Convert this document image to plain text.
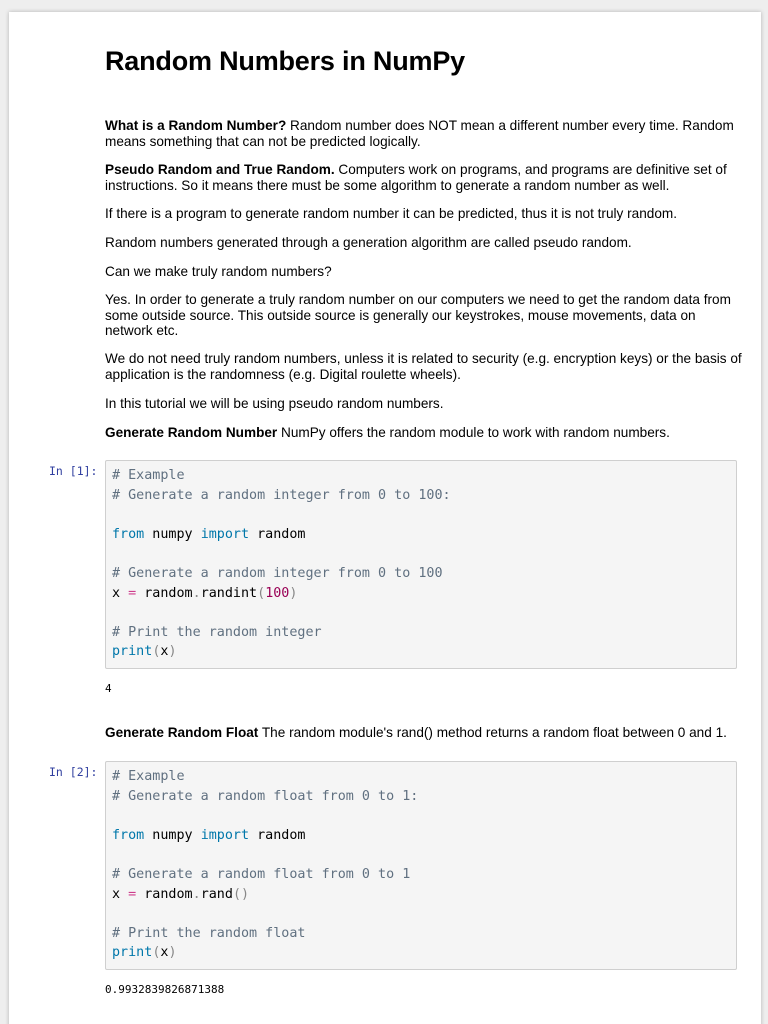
Random Numbers in NumPy

What is a Random Number? Random number does NOT mean a different number every time. Random means something that can not be predicted logically.

Pseudo Random and True Random. Computers work on programs, and programs are definitive set of instructions. So it means there must be some algorithm to generate a random number as well.

If there is a program to generate random number it can be predicted, thus it is not truly random.

Random numbers generated through a generation algorithm are called pseudo random.

Can we make truly random numbers?

Yes. In order to generate a truly random number on our computers we need to get the random data from some outside source. This outside source is generally our keystrokes, mouse movements, data on network etc.

We do not need truly random numbers, unless it is related to security (e.g. encryption keys) or the basis of application is the randomness (e.g. Digital roulette wheels).

In this tutorial we will be using pseudo random numbers.

Generate Random Number NumPy offers the random module to work with random numbers.

In [1]:	# Example
# Generate a random integer from 0 to 100:
from numpy import random
# Generate a random integer from 0 to 100
x = random.randint(100)
# Print the random integer
print(x)
4

Generate Random Float The random module's rand() method returns a random float between 0 and 1.

In [2]:	# Example
# Generate a random float from 0 to 1:
from numpy import random
# Generate a random float from 0 to 1
x = random.rand()
# Print the random float
print(x)
0.9932839826871388
